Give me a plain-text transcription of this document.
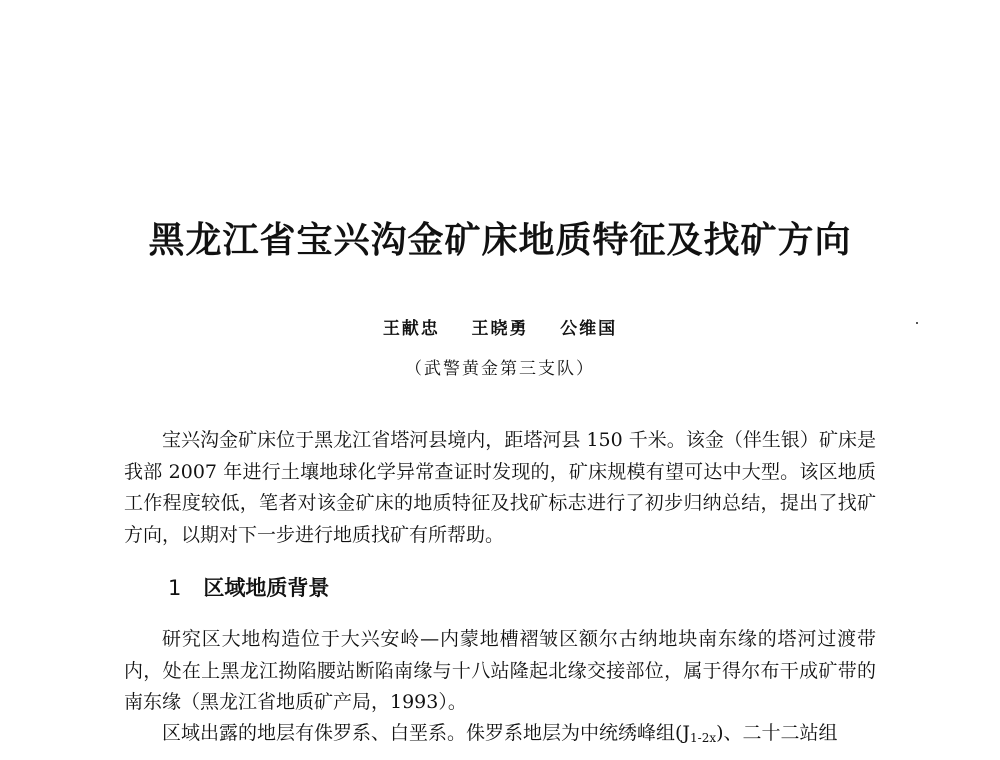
黑龙江省宝兴沟金矿床地质特征及找矿方向
王献忠    王晓勇    公维国
（武警黄金第三支队）

宝兴沟金矿床位于黑龙江省塔河县境内，距塔河县 150 千米。该金（伴生银）矿床是我部 2007 年进行土壤地球化学异常查证时发现的，矿床规模有望可达中大型。该区地质工作程度较低，笔者对该金矿床的地质特征及找矿标志进行了初步归纳总结，提出了找矿方向，以期对下一步进行地质找矿有所帮助。

1 区域地质背景

研究区大地构造位于大兴安岭—内蒙地槽褶皱区额尔古纳地块南东缘的塔河过渡带内，处在上黑龙江拗陷腰站断陷南缘与十八站隆起北缘交接部位，属于得尔布干成矿带的南东缘（黑龙江省地质矿产局，1993）。

区域出露的地层有侏罗系、白垩系。侏罗系地层为中统绣峰组$(J_{1-2x})$、二十二站组
